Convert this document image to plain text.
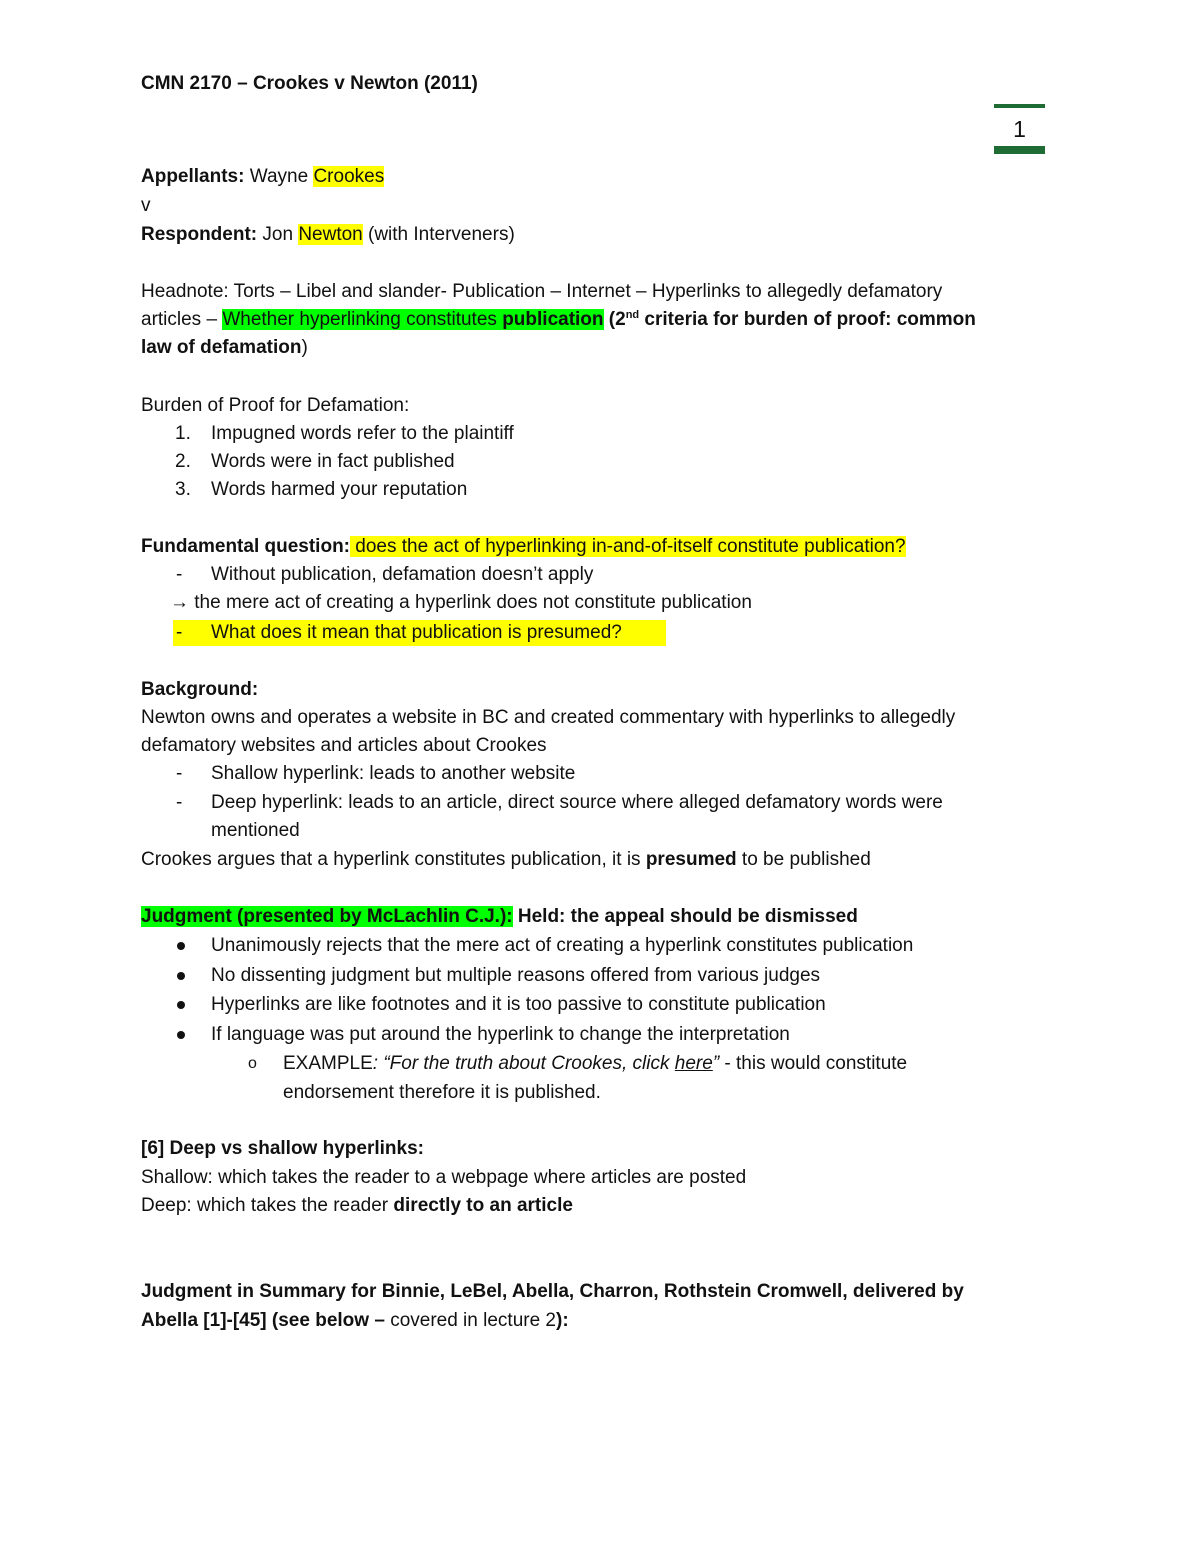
CMN 2170 – Crookes v Newton (2011)
1
Appellants: Wayne Crookes
v
Respondent: Jon Newton (with Interveners)
Headnote: Torts – Libel and slander- Publication – Internet – Hyperlinks to allegedly defamatory
articles – Whether hyperlinking constitutes publication (2nd criteria for burden of proof: common
law of defamation)
Burden of Proof for Defamation:
1.	Impugned words refer to the plaintiff
2.	Words were in fact published
3.	Words harmed your reputation
Fundamental question: does the act of hyperlinking in-and-of-itself constitute publication?
-	Without publication, defamation doesn’t apply
→ the mere act of creating a hyperlink does not constitute publication
-	What does it mean that publication is presumed?
Background:
Newton owns and operates a website in BC and created commentary with hyperlinks to allegedly
defamatory websites and articles about Crookes
-	Shallow hyperlink: leads to another website
-	Deep hyperlink: leads to an article, direct source where alleged defamatory words were
mentioned
Crookes argues that a hyperlink constitutes publication, it is presumed to be published
Judgment (presented by McLachlin C.J.): Held: the appeal should be dismissed
Unanimously rejects that the mere act of creating a hyperlink constitutes publication
No dissenting judgment but multiple reasons offered from various judges
Hyperlinks are like footnotes and it is too passive to constitute publication
If language was put around the hyperlink to change the interpretation
o	EXAMPLE: “For the truth about Crookes, click here” - this would constitute
endorsement therefore it is published.
[6] Deep vs shallow hyperlinks:
Shallow: which takes the reader to a webpage where articles are posted
Deep: which takes the reader directly to an article
Judgment in Summary for Binnie, LeBel, Abella, Charron, Rothstein Cromwell, delivered by
Abella [1]-[45] (see below – covered in lecture 2):
